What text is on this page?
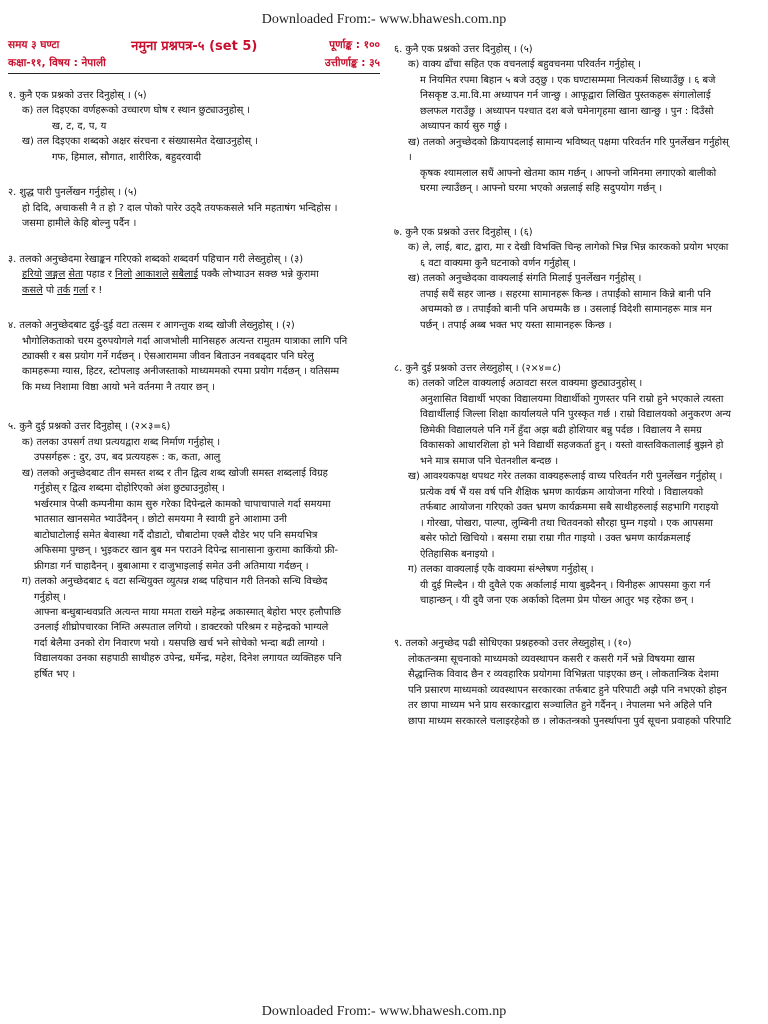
Downloaded From:- www.bhawesh.com.np
समय ३ घण्टा	नमुना प्रश्नपत्र-५ (set 5)	पूर्णाङ्क : १००
कक्षा-११, विषय : नेपाली	उत्तीर्णाङ्क : ३५
१. कुनै एक प्रश्नको उत्तर दिनुहोस् । (५)
क) तल दिइएका वर्णहरूको उच्चारण घोष र स्थान छुट्याउनुहोस् ।
ख, ट, द, प, य
ख) तल दिइएका शब्दको अक्षर संरचना र संख्यासमेत देखाउनुहोस् ।
गफ, हिमाल, सौगात, शारीरिक, बहुदरवादी
२. शुद्ध पारी पुनर्लेखन गर्नुहोस् । (५)
हो दिदि, अचाकसी नै त हो ? दाल पोको पारेर उठ्दै तयफकसले भनि महताषंग भन्दिहोस ।
जसमा हामीले केहि बोल्नु पर्दैन ।
३. तलको अनुच्छेदमा रेखाङ्कन गरिएको शब्दको शब्दवर्ग पहिचान गरी लेख्नुहोस् । (३)
हरियो जङ्गल सेता पहाड र निलो आकाशले सबैलाई पक्कै लोभ्याउन सक्छ भन्ने कुरामा
कसले पो तर्क गर्ला र !
४. तलको अनुच्छेदबाट दुई-दुई वटा तत्सम र आगन्तुक शब्द खोजी लेख्नुहोस् । (२)
भौगोलिकताको चरम दुरुपयोगले गर्दा आजभोली मानिसहरु अत्यन्त रामुतम यात्राका लागि पनि
ट्याक्सी र बस प्रयोग गर्ने गर्दछन् । ऐसआराममा जीवन बिताउन नवबढ्दार पनि घरेलु
कामहरूमा ग्यास, हिटर, स्टोपलाइ अनीजस्ताको माध्यममको रपमा प्रयोग गर्दछन् । यतिसम्म
कि मध्य निशामा विष्ठा आयो भने वर्तनमा नै तयार छन् ।
५. कुनै दुई प्रश्नको उत्तर दिनुहोस् । (२×३=६)
क) तलका उपसर्ग तथा प्रत्ययद्वारा शब्द निर्माण गर्नुहोस् ।
उपसर्गहरू : दुर, उप, बद प्रत्ययहरू : क, कता, आलु
ख) तलको अनुच्छेदबाट तीन समस्त शब्द र तीन द्वित्व शब्द खोजी समस्त शब्दलाई विग्रह
गर्नुहोस् र द्वित्व शब्दमा दोहोरिएको अंश छुट्याउनुहोस् ।
भर्खरमात्र पेप्सी कम्पनीमा काम सुरु गरेका दिपेन्द्रले कामको चापाचापाले गर्दा समयमा
भातसात खानसमेत भ्याउँदैनन् । छोटो समयमा नै स्वायी हुने आशामा उनी
बाटोघाटोलाई समेत बेवास्था गर्दै दौडाटो, चौबाटोमा एक्लै दौडेर भए पनि समयभित्र
अफिसमा पुग्छन् । भुइकटर खान बुब मन पराउने दिपेन्द्र सानासाना कुरामा काकिंयो फ्री-
फ्रीगडा गर्न चाहादैनन् । बुबाआमा र दाजुभाइलाई समेत उनी अतिमाया गर्दछन् ।
ग) तलको अनुच्छेदबाट ६ वटा सन्धियुक्त व्युत्पन्न शब्द पहिचान गरी तिनको सन्धि विच्छेद
गर्नुहोस् ।
आफ्ना बन्धुबान्धवप्रति अत्यन्त माया ममता राख्ने महेन्द्र अकास्मात् बेहोरा भएर हलौपाछि
उनलाई शीघ्रोपचारका निम्ति अस्पताल लगियो । डाक्टरको परिश्रम र महेन्द्रको भाग्यले
गर्दा बेलैमा उनको रोग निवारण भयो । यसपछि खर्च भने सोचेको भन्दा बढी लाग्यो ।
विद्यालयका उनका सहपाठी साथीहरु उपेन्द्र, धर्मेन्द्र, महेश, दिनेश लगायत व्यक्तिहरु पनि
हर्षित भए ।
६. कुनै एक प्रश्नको उत्तर दिनुहोस् । (५)
क) वाक्य ढाँचा सहित एक वचनलाई बहुवचनमा परिवर्तन गर्नुहोस् ।
म नियमित रपमा बिहान ५ बजे उठ्छु । एक घण्टासम्ममा नित्यकर्म सिध्याउँछु । ६ बजे
निसकृष्ट उ.मा.वि.मा अध्यापन गर्न जान्छु । आफूद्वारा लिखित पुस्तकहरू संगालोलाई
छलफल गराउँछु । अध्यापन पश्चात दश बजे चमेनागृहमा खाना खान्छु । पुन : दिउँसो
अध्यापन कार्य सुरु गर्छु ।
ख) तलको अनुच्छेदको क्रियापदलाई सामान्य भविष्यत् पक्षमा परिवर्तन गरि पुनर्लेखन गर्नुहोस्
।
कृषक श्यामलाल सधैं आफ्नो खेतमा काम गर्छन् । आफ्नो जमिनमा लगाएको बालीको
घरमा ल्याउँछन् । आफ्नो घरमा भएको अन्नलाई सहि सदुपयोग गर्छन् ।
७. कुनै एक प्रश्नको उत्तर दिनुहोस् । (६)
क) ले, लाई, बाट, द्वारा, मा र देखी विभक्ति चिन्ह लागेको भिन्न भिन्न कारकको प्रयोग भएका
६ वटा वाक्यमा कुनै घटनाको वर्णन गर्नुहोस् ।
ख) तलको अनुच्छेदका वाक्यलाई संगति मिलाई पुनर्लेखन गर्नुहोस् ।
तपाई सधैं सहर जान्छ । सहरमा सामानहरू किन्छ । तपाईंको सामान किन्ने बानी पनि
अचम्मको छ । तपाईंको बानी पनि अचम्मकै छ । उसलाई विदेशी सामानहरू मात्र मन
पर्छन् । तपाई अब्ब भक्त भए यस्ता सामानहरू किन्छ ।
८. कुनै दुई प्रश्नको उत्तर लेख्नुहोस् । (२×४=८)
क) तलको जटिल वाक्यलाई अठावटा सरल वाक्यमा छुट्याउनुहोस् ।
अनुशासित विद्यार्थी भएका विद्यालयमा विद्यार्थीको गुणस्तर पनि राम्रो हुने भएकाले त्यस्ता
विद्यार्थीलाई जिल्ला शिक्षा कार्यालयले पनि पुरस्कृत गर्छ । राम्रो विद्यालयको अनुकरण अन्य
छिमेकी विद्यालयले पनि गर्ने हुँदा अझ बढी होशियार बन्नु पर्दछ । विद्यालय नै समग्र
विकासको आधारशिला हो भने विद्यार्थी सहजकर्ता हुन् । यस्तो वास्तविकतालाई बुझने हो
भने मात्र समाज पनि चेतनशील बन्दछ ।
ख) आवश्यकपक्ष थपथट गरेर तलका वाक्यहरूलाई वाच्य परिवर्तन गरी पुनर्लेखन गर्नुहोस् ।
प्रत्येक वर्ष भैं यस वर्ष पनि शैक्षिक भ्रमण कार्यक्रम आयोजना गरियो । विद्यालयको
तर्फबाट आयोजना गरिएको उक्त भ्रमण कार्यक्रममा सबै साथीहरुलाई सहभागि गराइयो
। गोरखा, पोखरा, पाल्पा, लुम्बिनी तथा चितवनको सौरहा घुम्न गइयो । एक आपसमा
बसेर फोटो खिचियो । बसमा राम्रा राम्रा गीत गाइयो । उक्त भ्रमण कार्यक्रमलाई
ऐतिहासिक बनाइयो ।
ग) तलका वाक्यलाई एकै वाक्यमा संश्लेषण गर्नुहोस् ।
यी दुई मिल्दैन । यी दुवैले एक अर्कालाई माया बुझ्दैनन् । यिनीहरू आपसमा कुरा गर्न
चाहान्छन् । यी दुवै जना एक अर्काको दिलमा प्रेम पोख्न आतुर भइ रहेका छन् ।
९. तलको अनुच्छेद पढी सोधिएका प्रश्नहरुको उत्तर लेख्नुहोस् । (१०)
लोकतन्त्रमा सूचनाको माध्यमको व्यवस्थापन कसरी र कसरी गर्ने भन्ने विषयमा खास
सैद्धान्तिक विवाद छैन र व्यवहारिक प्रयोगमा विभिन्नता पाइएका छन् । लोकतान्त्रिक देशमा
पनि प्रसारण माध्यमको व्यवस्थापन सरकारका तर्फबाट हुने परिपाटी अझै पनि नभएको होइन
तर छापा माध्यम भने प्राय सरकारद्वारा सञ्चालित हुने गर्दैनन् । नेपालमा भने अहिले पनि
छापा माध्यम सरकारले चलाइरहेको छ । लोकतन्त्रको पुनर्स्थापना पुर्व सूचना प्रवाहको परिपाटि
Downloaded From:- www.bhawesh.com.np
